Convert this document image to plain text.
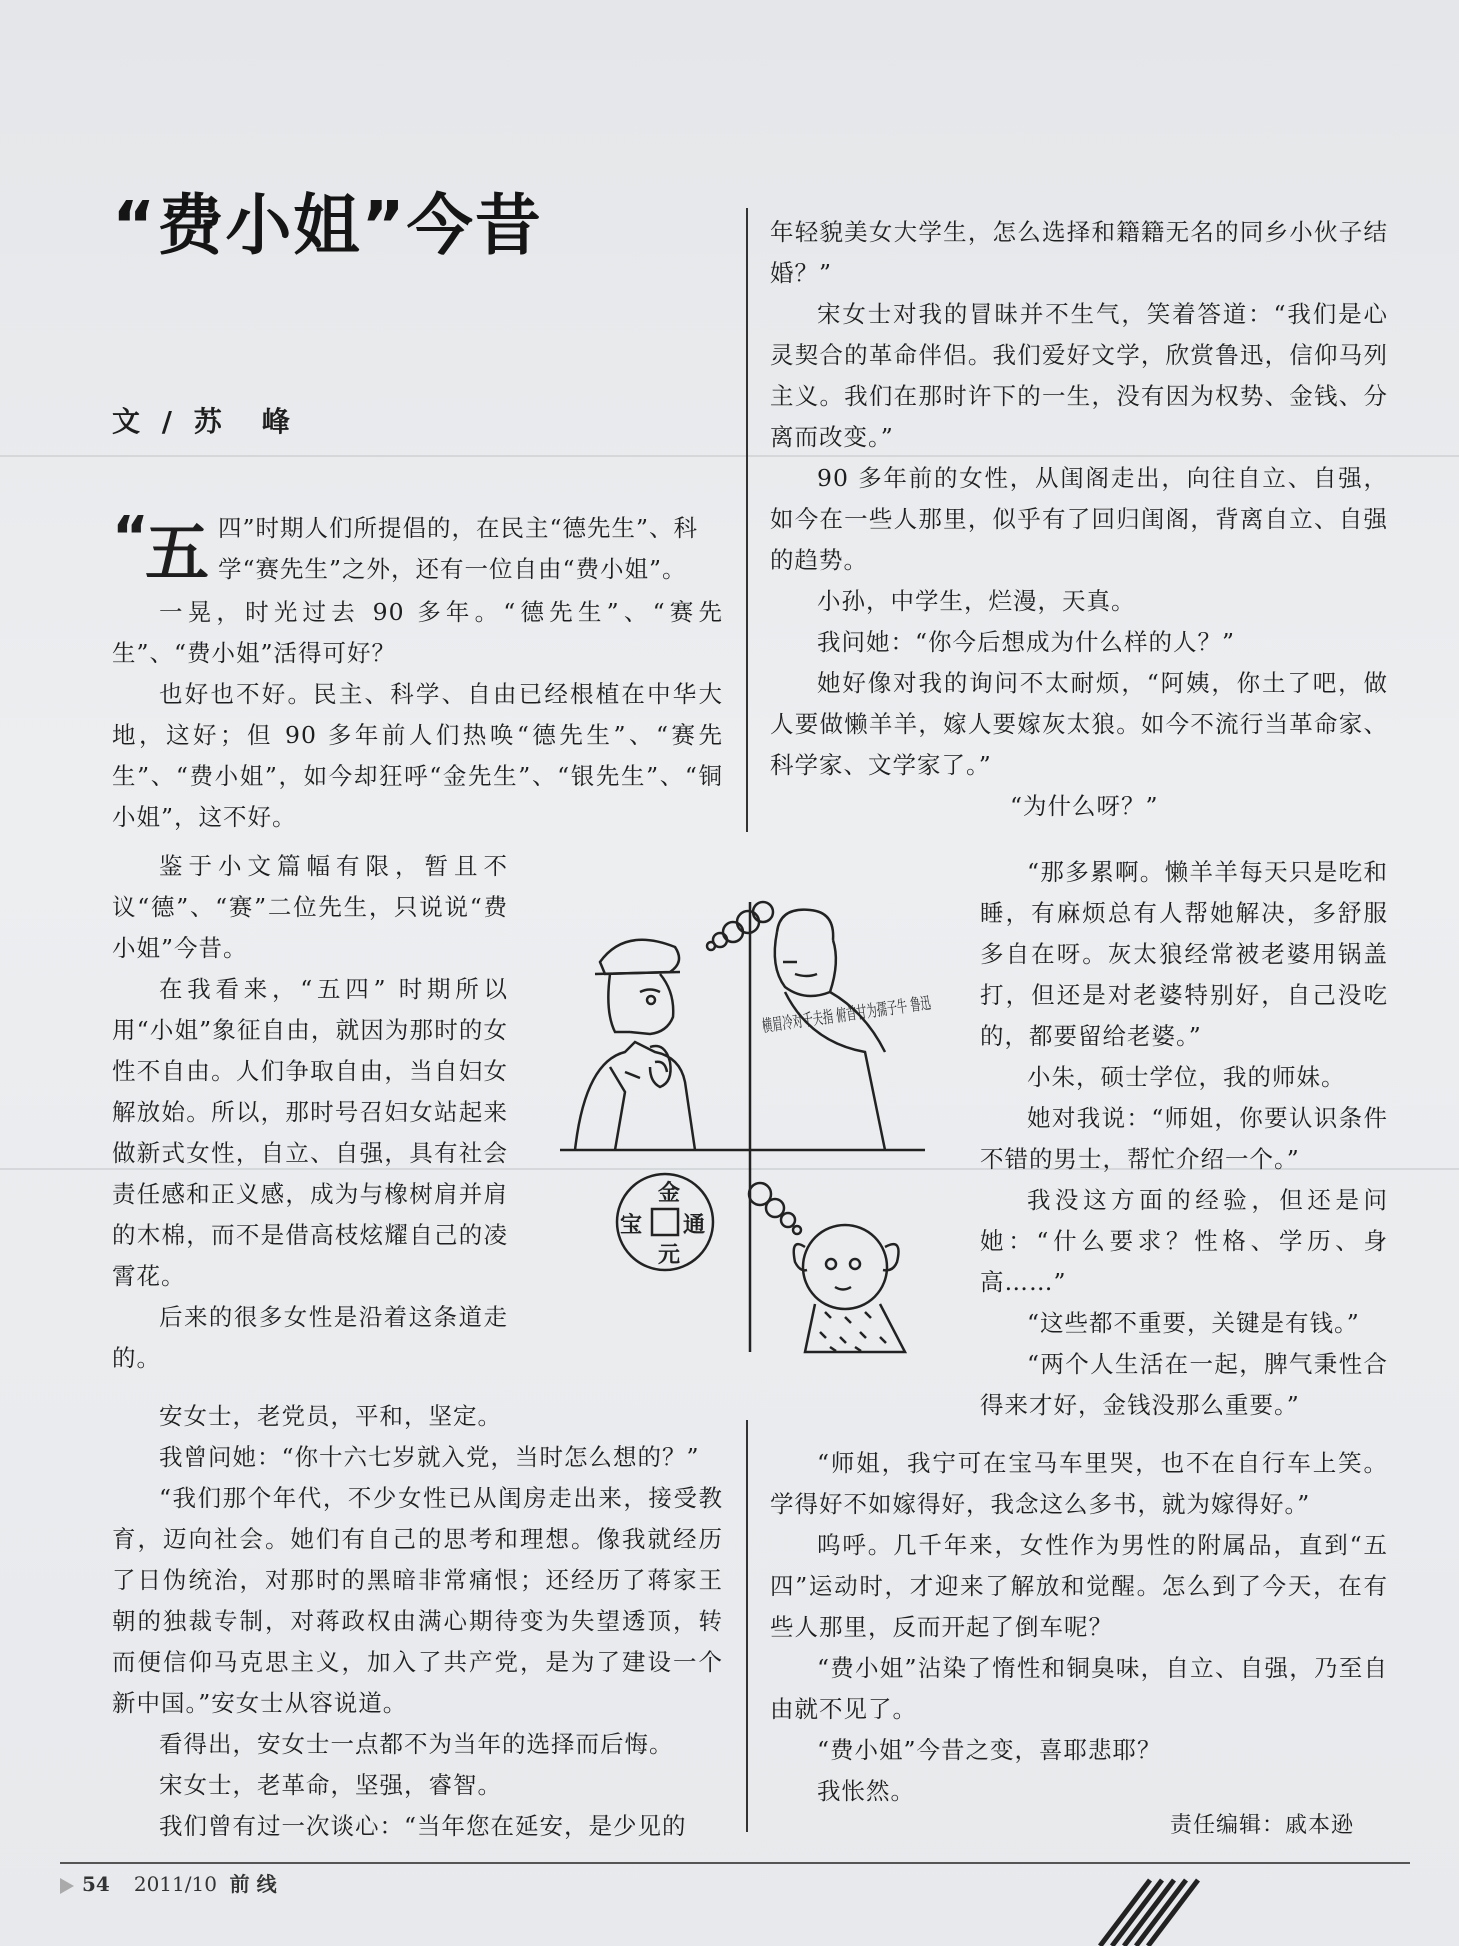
“费小姐”今昔
文 / 苏　峰
“
五 四”时期人们所提倡的，在民主“德先生”、科

学“赛先生”之外，还有一位自由“费小姐”。

一晃，时光过去 90 多年。“德先生”、“赛先生”、“费小姐”活得可好？

也好也不好。民主、科学、自由已经根植在中华大地，这好；但 90 多年前人们热唤“德先生”、“赛先生”、“费小姐”，如今却狂呼“金先生”、“银先生”、“铜小姐”，这不好。

鉴于小文篇幅有限，暂且不议“德”、“赛”二位先生，只说说“费小姐”今昔。

在我看来，“五四” 时期所以用“小姐”象征自由，就因为那时的女性不自由。人们争取自由，当自妇女解放始。所以，那时号召妇女站起来做新式女性，自立、自强，具有社会责任感和正义感，成为与橡树肩并肩的木棉，而不是借高枝炫耀自己的凌霄花。

后来的很多女性是沿着这条道走的。

安女士，老党员，平和，坚定。

我曾问她：“你十六七岁就入党，当时怎么想的？”

“我们那个年代，不少女性已从闺房走出来，接受教育，迈向社会。她们有自己的思考和理想。像我就经历了日伪统治，对那时的黑暗非常痛恨；还经历了蒋家王朝的独裁专制，对蒋政权由满心期待变为失望透顶，转而便信仰马克思主义，加入了共产党，是为了建设一个新中国。”安女士从容说道。

看得出，安女士一点都不为当年的选择而后悔。

宋女士，老革命，坚强，睿智。

我们曾有过一次谈心：“当年您在延安，是少见的

年轻貌美女大学生，怎么选择和籍籍无名的同乡小伙子结婚？”

宋女士对我的冒昧并不生气，笑着答道：“我们是心灵契合的革命伴侣。我们爱好文学，欣赏鲁迅，信仰马列主义。我们在那时许下的一生，没有因为权势、金钱、分离而改变。”

90 多年前的女性，从闺阁走出，向往自立、自强，如今在一些人那里，似乎有了回归闺阁，背离自立、自强的趋势。

小孙，中学生，烂漫，天真。

我问她：“你今后想成为什么样的人？”

她好像对我的询问不太耐烦，“阿姨，你土了吧，做人要做懒羊羊，嫁人要嫁灰太狼。如今不流行当革命家、科学家、文学家了。”

“为什么呀？”

“那多累啊。懒羊羊每天只是吃和睡，有麻烦总有人帮她解决，多舒服多自在呀。灰太狼经常被老婆用锅盖打，但还是对老婆特别好，自己没吃的，都要留给老婆。”

小朱，硕士学位，我的师妹。

她对我说：“师姐，你要认识条件不错的男士，帮忙介绍一个。”

我没这方面的经验，但还是问她：“什么要求？性格、学历、身高……”

“这些都不重要，关键是有钱。”

“两个人生活在一起，脾气秉性合得来才好，金钱没那么重要。”

“师姐，我宁可在宝马车里哭，也不在自行车上笑。学得好不如嫁得好，我念这么多书，就为嫁得好。”

呜呼。几千年来，女性作为男性的附属品，直到“五四”运动时，才迎来了解放和觉醒。怎么到了今天，在有些人那里，反而开起了倒车呢？

“费小姐”沾染了惰性和铜臭味，自立、自强，乃至自由就不见了。

“费小姐”今昔之变，喜耶悲耶？

我怅然。

责任编辑：戚本逊
金
通
元
宝
横眉冷对千夫指 俯首甘为孺子牛 鲁迅
54 2011/10 前 线
